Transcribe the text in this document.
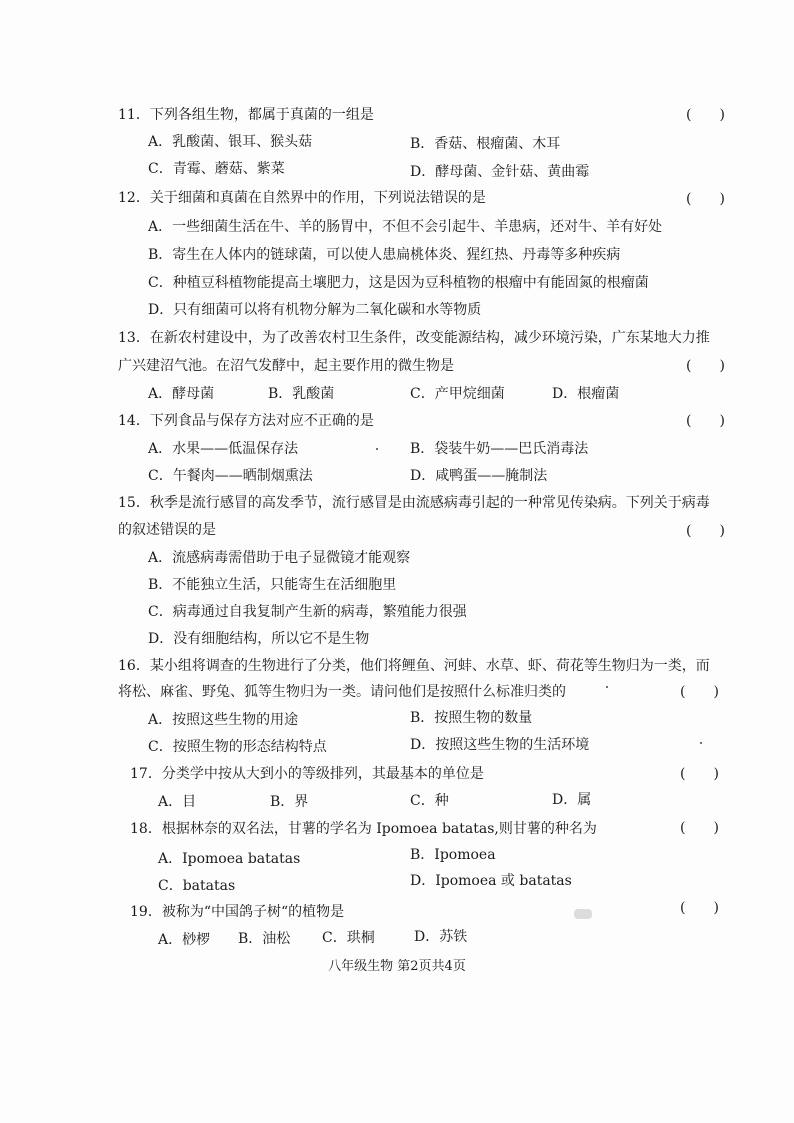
11．下列各组生物，都属于真菌的一组是	(　　)
A．乳酸菌、银耳、猴头菇	B．香菇、根瘤菌、木耳
C．青霉、蘑菇、紫菜	D．酵母菌、金针菇、黄曲霉
12．关于细菌和真菌在自然界中的作用，下列说法错误的是	(　　)
A．一些细菌生活在牛、羊的肠胃中，不但不会引起牛、羊患病，还对牛、羊有好处
B．寄生在人体内的链球菌，可以使人患扁桃体炎、猩红热、丹毒等多种疾病
C．种植豆科植物能提高土壤肥力，这是因为豆科植物的根瘤中有能固氮的根瘤菌
D．只有细菌可以将有机物分解为二氧化碳和水等物质
13．在新农村建设中，为了改善农村卫生条件，改变能源结构，减少环境污染，广东某地大力推
广兴建沼气池。在沼气发酵中，起主要作用的微生物是	(　　)
A．酵母菌	B．乳酸菌	C．产甲烷细菌	D．根瘤菌
14．下列食品与保存方法对应不正确的是	(　　)
A．水果——低温保存法	B．袋装牛奶——巴氏消毒法
C．午餐肉——晒制烟熏法	D．咸鸭蛋——腌制法
15．秋季是流行感冒的高发季节，流行感冒是由流感病毒引起的一种常见传染病。下列关于病毒
的叙述错误的是	(　　)
A．流感病毒需借助于电子显微镜才能观察
B．不能独立生活，只能寄生在活细胞里
C．病毒通过自我复制产生新的病毒，繁殖能力很强
D．没有细胞结构，所以它不是生物
16．某小组将调查的生物进行了分类，他们将鲤鱼、河蚌、水草、虾、荷花等生物归为一类，而
将松、麻雀、野兔、狐等生物归为一类。请问他们是按照什么标准归类的	(　　)
A．按照这些生物的用途	B．按照生物的数量
C．按照生物的形态结构特点	D．按照这些生物的生活环境
17．分类学中按从大到小的等级排列，其最基本的单位是	(　　)
A．目	B．界	C．种	D．属
18．根据林奈的双名法，甘薯的学名为 Ipomoea batatas,则甘薯的种名为	(　　)
A．Ipomoea batatas	B．Ipomoea
C．batatas	D．Ipomoea 或 batatas
19．被称为“中国鸽子树“的植物是	(　　)
A．桫椤 B．油松 C．珙桐	D．苏铁
八年级生物 第2页共4页
